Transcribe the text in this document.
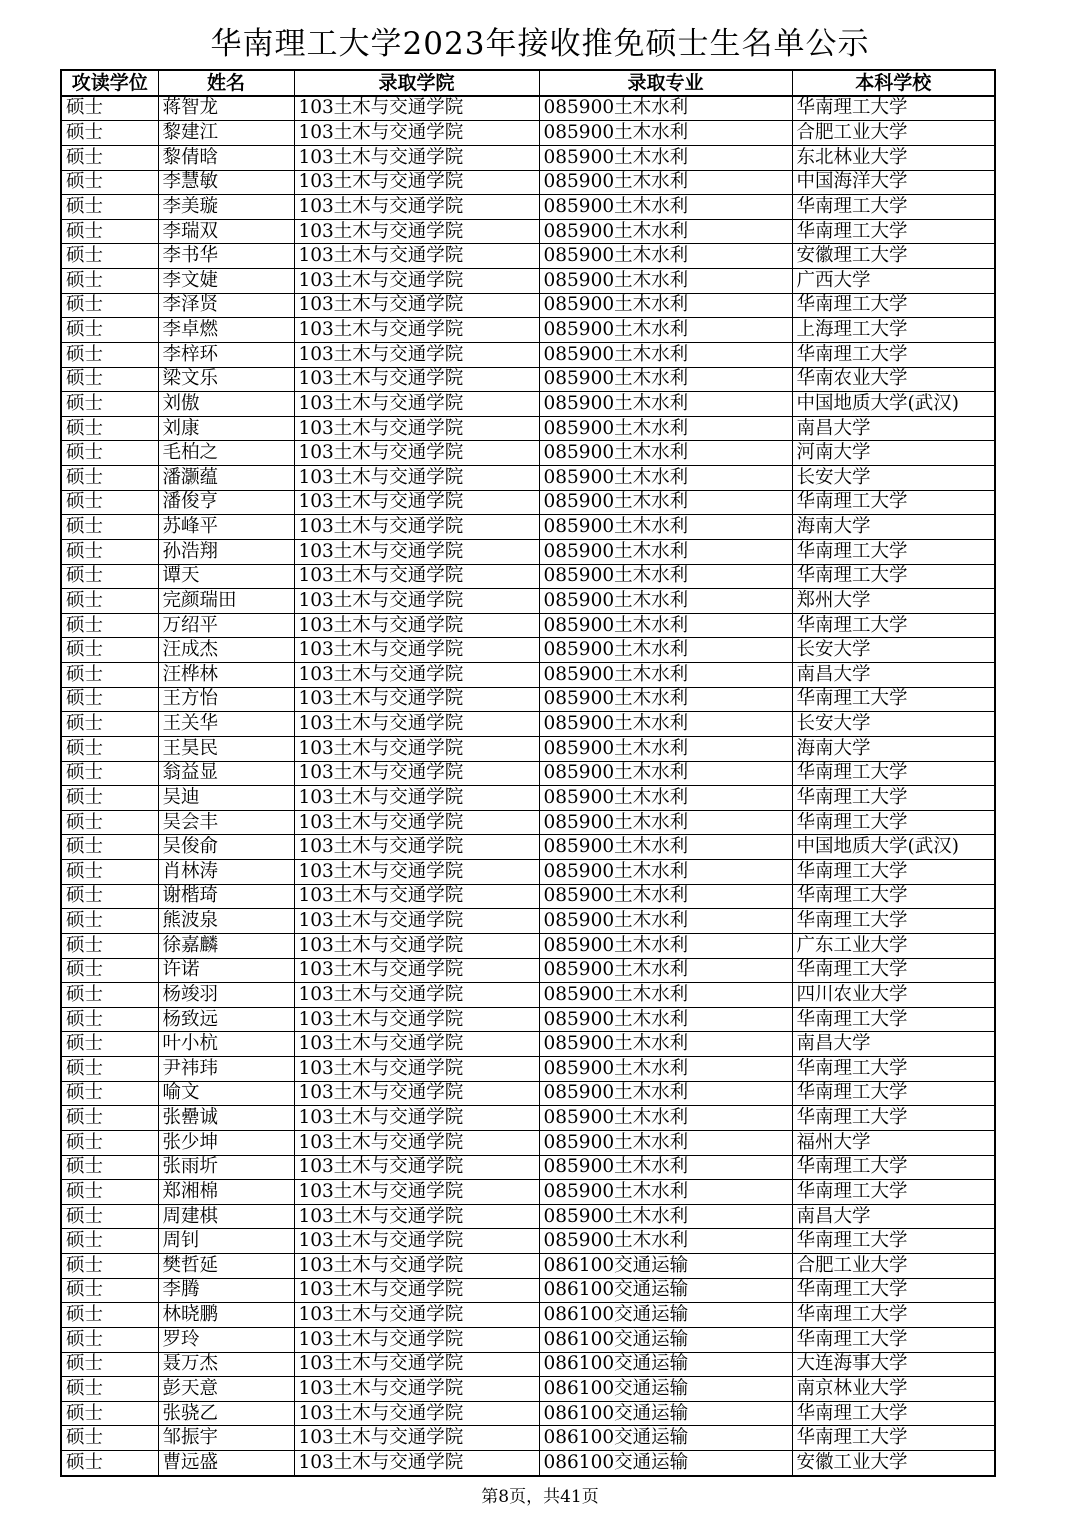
华南理工大学2023年接收推免硕士生名单公示
攻读学位	姓名	录取学院	录取专业	本科学校
硕士	蒋智龙	103土木与交通学院	085900土木水利	华南理工大学
硕士	黎建江	103土木与交通学院	085900土木水利	合肥工业大学
硕士	黎倩晗	103土木与交通学院	085900土木水利	东北林业大学
硕士	李慧敏	103土木与交通学院	085900土木水利	中国海洋大学
硕士	李美璇	103土木与交通学院	085900土木水利	华南理工大学
硕士	李瑞双	103土木与交通学院	085900土木水利	华南理工大学
硕士	李书华	103土木与交通学院	085900土木水利	安徽理工大学
硕士	李文婕	103土木与交通学院	085900土木水利	广西大学
硕士	李泽贤	103土木与交通学院	085900土木水利	华南理工大学
硕士	李卓燃	103土木与交通学院	085900土木水利	上海理工大学
硕士	李梓环	103土木与交通学院	085900土木水利	华南理工大学
硕士	梁文乐	103土木与交通学院	085900土木水利	华南农业大学
硕士	刘傲	103土木与交通学院	085900土木水利	中国地质大学(武汉)
硕士	刘康	103土木与交通学院	085900土木水利	南昌大学
硕士	毛柏之	103土木与交通学院	085900土木水利	河南大学
硕士	潘灏蕴	103土木与交通学院	085900土木水利	长安大学
硕士	潘俊亨	103土木与交通学院	085900土木水利	华南理工大学
硕士	苏峰平	103土木与交通学院	085900土木水利	海南大学
硕士	孙浩翔	103土木与交通学院	085900土木水利	华南理工大学
硕士	谭天	103土木与交通学院	085900土木水利	华南理工大学
硕士	完颜瑞田	103土木与交通学院	085900土木水利	郑州大学
硕士	万绍平	103土木与交通学院	085900土木水利	华南理工大学
硕士	汪成杰	103土木与交通学院	085900土木水利	长安大学
硕士	汪桦林	103土木与交通学院	085900土木水利	南昌大学
硕士	王方怡	103土木与交通学院	085900土木水利	华南理工大学
硕士	王关华	103土木与交通学院	085900土木水利	长安大学
硕士	王昊民	103土木与交通学院	085900土木水利	海南大学
硕士	翁益显	103土木与交通学院	085900土木水利	华南理工大学
硕士	吴迪	103土木与交通学院	085900土木水利	华南理工大学
硕士	吴会丰	103土木与交通学院	085900土木水利	华南理工大学
硕士	吴俊俞	103土木与交通学院	085900土木水利	中国地质大学(武汉)
硕士	肖林涛	103土木与交通学院	085900土木水利	华南理工大学
硕士	谢楷琦	103土木与交通学院	085900土木水利	华南理工大学
硕士	熊波泉	103土木与交通学院	085900土木水利	华南理工大学
硕士	徐嘉麟	103土木与交通学院	085900土木水利	广东工业大学
硕士	许诺	103土木与交通学院	085900土木水利	华南理工大学
硕士	杨竣羽	103土木与交通学院	085900土木水利	四川农业大学
硕士	杨致远	103土木与交通学院	085900土木水利	华南理工大学
硕士	叶小杭	103土木与交通学院	085900土木水利	南昌大学
硕士	尹祎玮	103土木与交通学院	085900土木水利	华南理工大学
硕士	喻文	103土木与交通学院	085900土木水利	华南理工大学
硕士	张罍诚	103土木与交通学院	085900土木水利	华南理工大学
硕士	张少坤	103土木与交通学院	085900土木水利	福州大学
硕士	张雨圻	103土木与交通学院	085900土木水利	华南理工大学
硕士	郑湘棉	103土木与交通学院	085900土木水利	华南理工大学
硕士	周建棋	103土木与交通学院	085900土木水利	南昌大学
硕士	周钊	103土木与交通学院	085900土木水利	华南理工大学
硕士	樊哲延	103土木与交通学院	086100交通运输	合肥工业大学
硕士	李腾	103土木与交通学院	086100交通运输	华南理工大学
硕士	林晓鹏	103土木与交通学院	086100交通运输	华南理工大学
硕士	罗玲	103土木与交通学院	086100交通运输	华南理工大学
硕士	聂万杰	103土木与交通学院	086100交通运输	大连海事大学
硕士	彭天意	103土木与交通学院	086100交通运输	南京林业大学
硕士	张骁乙	103土木与交通学院	086100交通运输	华南理工大学
硕士	邹振宇	103土木与交通学院	086100交通运输	华南理工大学
硕士	曹远盛	103土木与交通学院	086100交通运输	安徽工业大学
第8页，共41页
